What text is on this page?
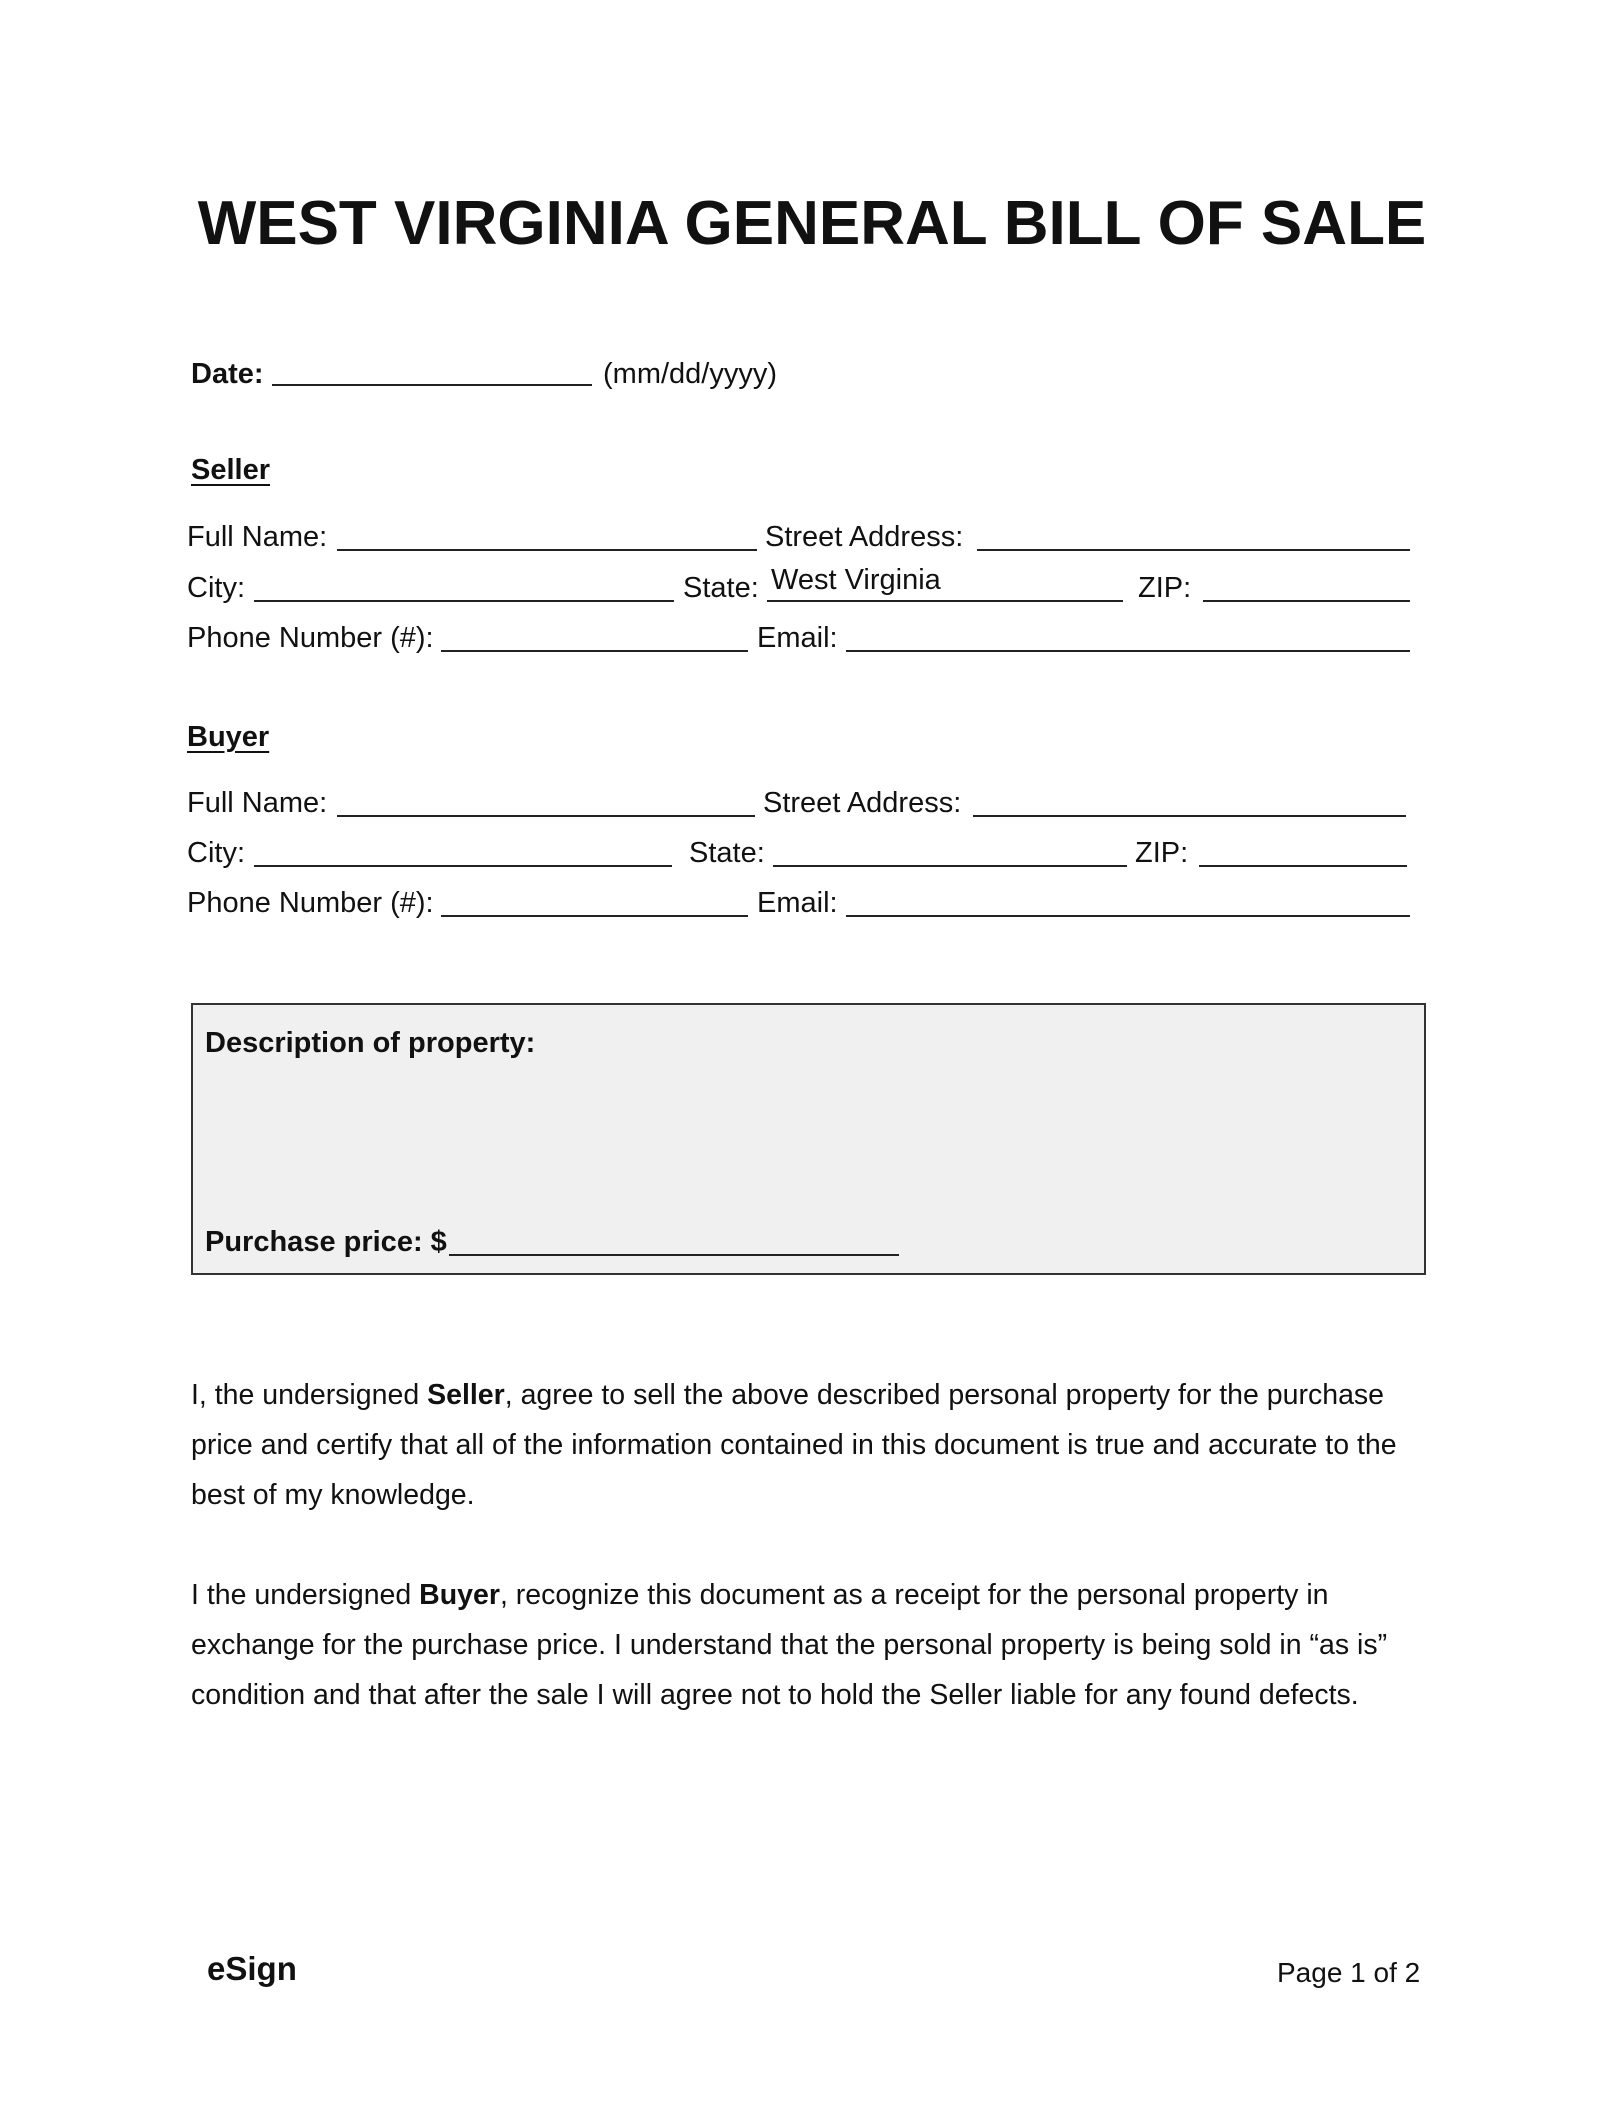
WEST VIRGINIA GENERAL BILL OF SALE
Date:	(mm/dd/yyyy)
Seller
Full Name:	Street Address:
City:	State: West Virginia	ZIP:
Phone Number (#):	Email:
Buyer
Full Name:	Street Address:
City:	State:	ZIP:
Phone Number (#):	Email:
Description of property:
Purchase price: $
I, the undersigned Seller, agree to sell the above described personal property for the purchase price and certify that all of the information contained in this document is true and accurate to the best of my knowledge.
I the undersigned Buyer, recognize this document as a receipt for the personal property in exchange for the purchase price. I understand that the personal property is being sold in “as is” condition and that after the sale I will agree not to hold the Seller liable for any found defects.
eSign	Page 1 of 2
